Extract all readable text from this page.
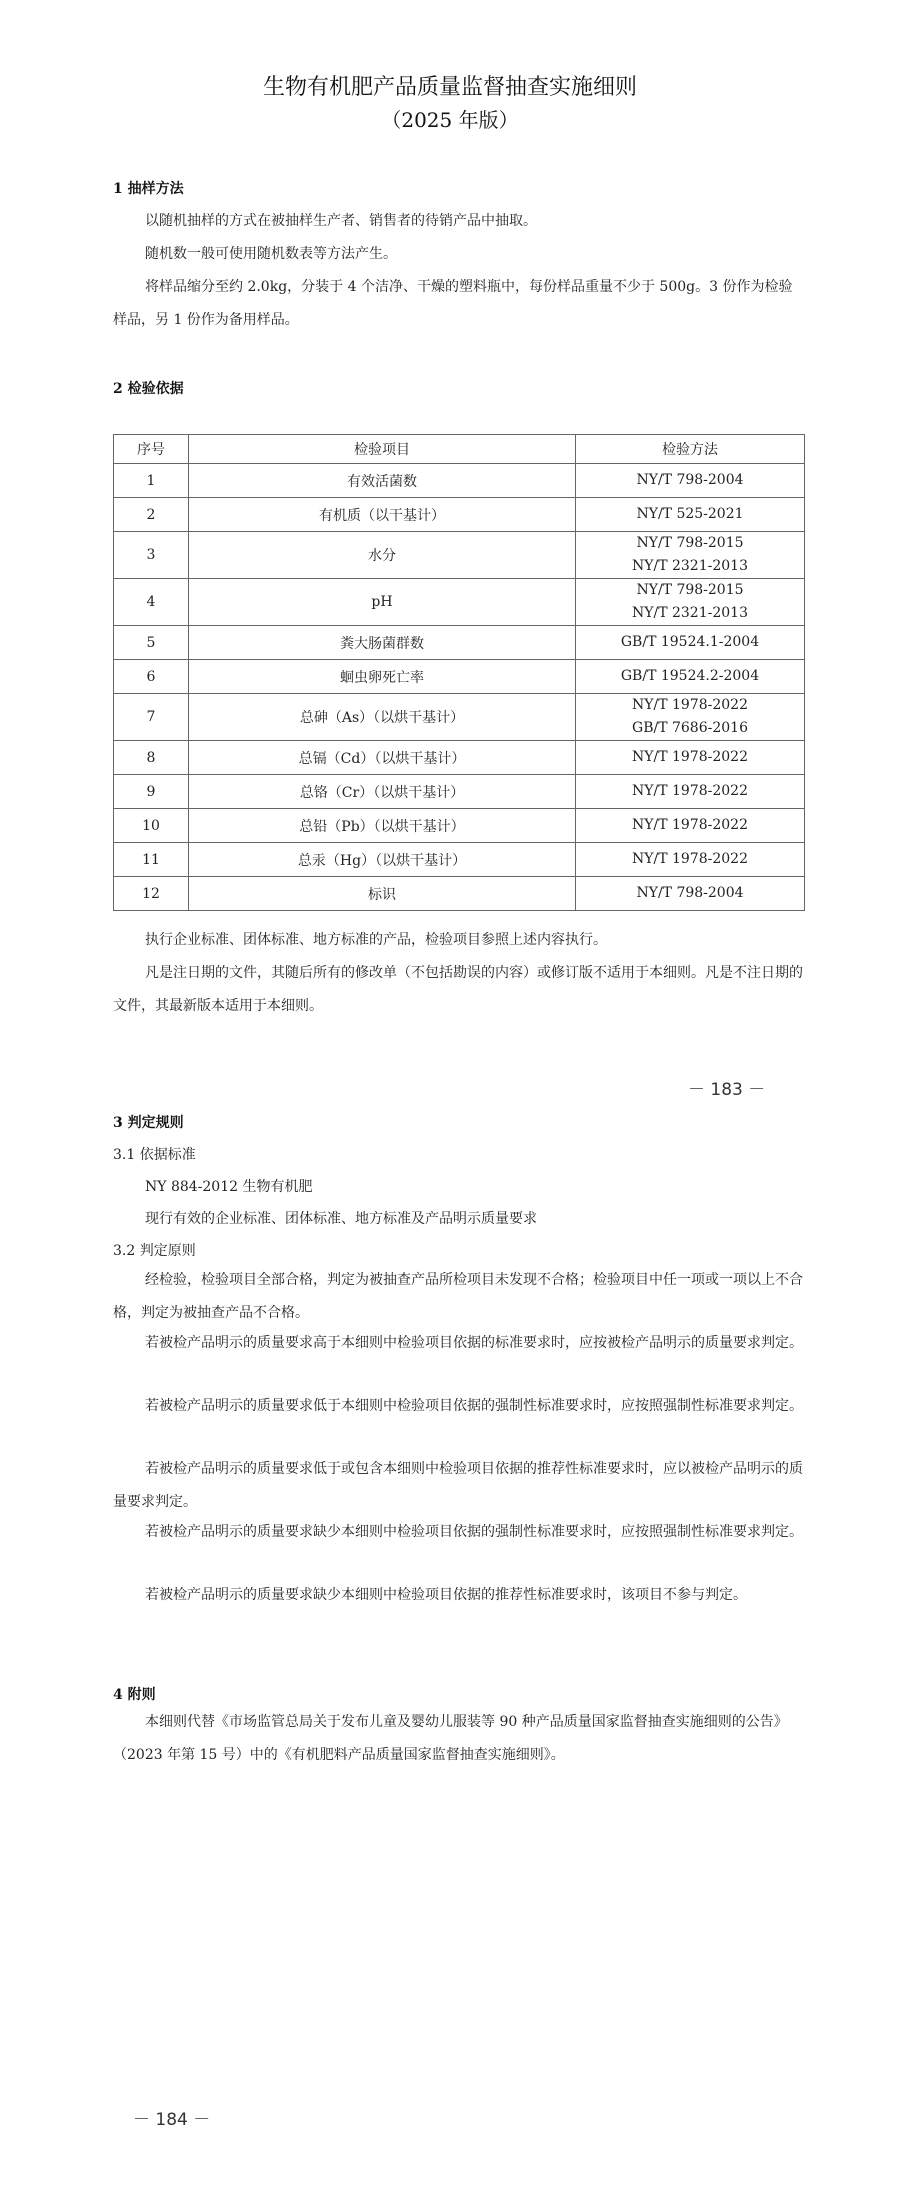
生物有机肥产品质量监督抽查实施细则
（2025 年版）
1 抽样方法
以随机抽样的方式在被抽样生产者、销售者的待销产品中抽取。
随机数一般可使用随机数表等方法产生。
将样品缩分至约 2.0kg，分装于 4 个洁净、干燥的塑料瓶中，每份样品重量不少于 500g。3 份作为检验样品，另 1 份作为备用样品。
2 检验依据
序号	检验项目	检验方法
1	有效活菌数	NY/T 798-2004

2	有机质（以干基计）	NY/T 525-2021

3	水分	NY/T 798-2015
NY/T 2321-2013

4	pH	NY/T 798-2015
NY/T 2321-2013

5	粪大肠菌群数	GB/T 19524.1-2004

6	蛔虫卵死亡率	GB/T 19524.2-2004

7	总砷（As）（以烘干基计）	NY/T 1978-2022
GB/T 7686-2016

8	总镉（Cd）（以烘干基计）	NY/T 1978-2022

9	总铬（Cr）（以烘干基计）	NY/T 1978-2022

10	总铅（Pb）（以烘干基计）	NY/T 1978-2022

11	总汞（Hg）（以烘干基计）	NY/T 1978-2022

12	标识	NY/T 798-2004
执行企业标准、团体标准、地方标准的产品，检验项目参照上述内容执行。
凡是注日期的文件，其随后所有的修改单（不包括勘误的内容）或修订版不适用于本细则。凡是不注日期的文件，其最新版本适用于本细则。
－ 183 －
3 判定规则
3.1 依据标准
NY 884-2012 生物有机肥
现行有效的企业标准、团体标准、地方标准及产品明示质量要求
3.2 判定原则
经检验，检验项目全部合格，判定为被抽查产品所检项目未发现不合格；检验项目中任一项或一项以上不合格，判定为被抽查产品不合格。
若被检产品明示的质量要求高于本细则中检验项目依据的标准要求时，应按被检产品明示的质量要求判定。
若被检产品明示的质量要求低于本细则中检验项目依据的强制性标准要求时，应按照强制性标准要求判定。
若被检产品明示的质量要求低于或包含本细则中检验项目依据的推荐性标准要求时，应以被检产品明示的质量要求判定。
若被检产品明示的质量要求缺少本细则中检验项目依据的强制性标准要求时，应按照强制性标准要求判定。
若被检产品明示的质量要求缺少本细则中检验项目依据的推荐性标准要求时，该项目不参与判定。
4 附则
本细则代替《市场监管总局关于发布儿童及婴幼儿服装等 90 种产品质量国家监督抽查实施细则的公告》（2023 年第 15 号）中的《有机肥料产品质量国家监督抽查实施细则》。
－ 184 －
